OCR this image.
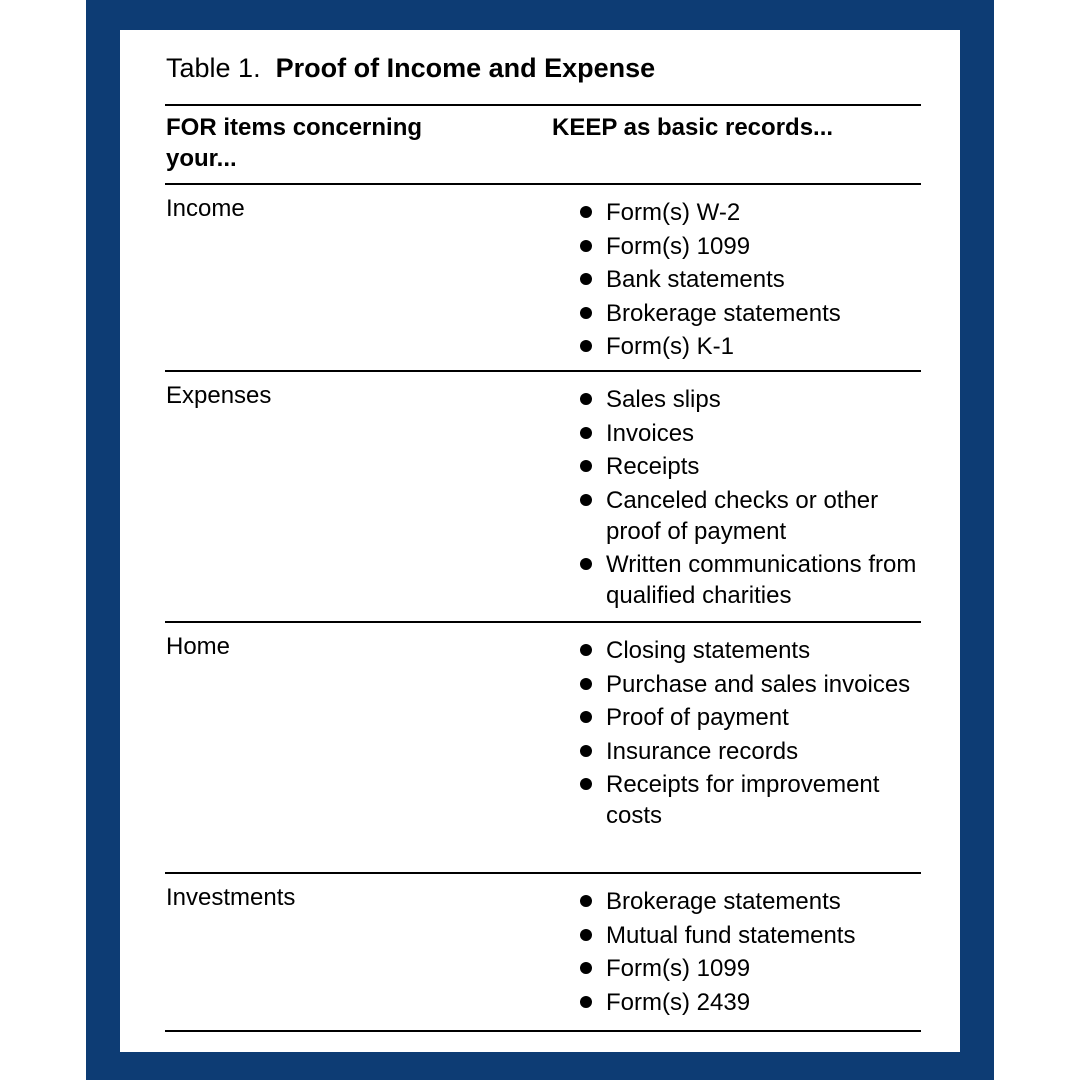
Table 1. Proof of Income and Expense
FOR items concerning your...
KEEP as basic records...
Income	Form(s) W-2
Form(s) 1099
Bank statements
Brokerage statements
Form(s) K-1
Expenses	Sales slips
Invoices
Receipts
Canceled checks or other proof of payment
Written communications from qualified charities
Home	Closing statements
Purchase and sales invoices
Proof of payment
Insurance records
Receipts for improvement costs
Investments	Brokerage statements
Mutual fund statements
Form(s) 1099
Form(s) 2439
